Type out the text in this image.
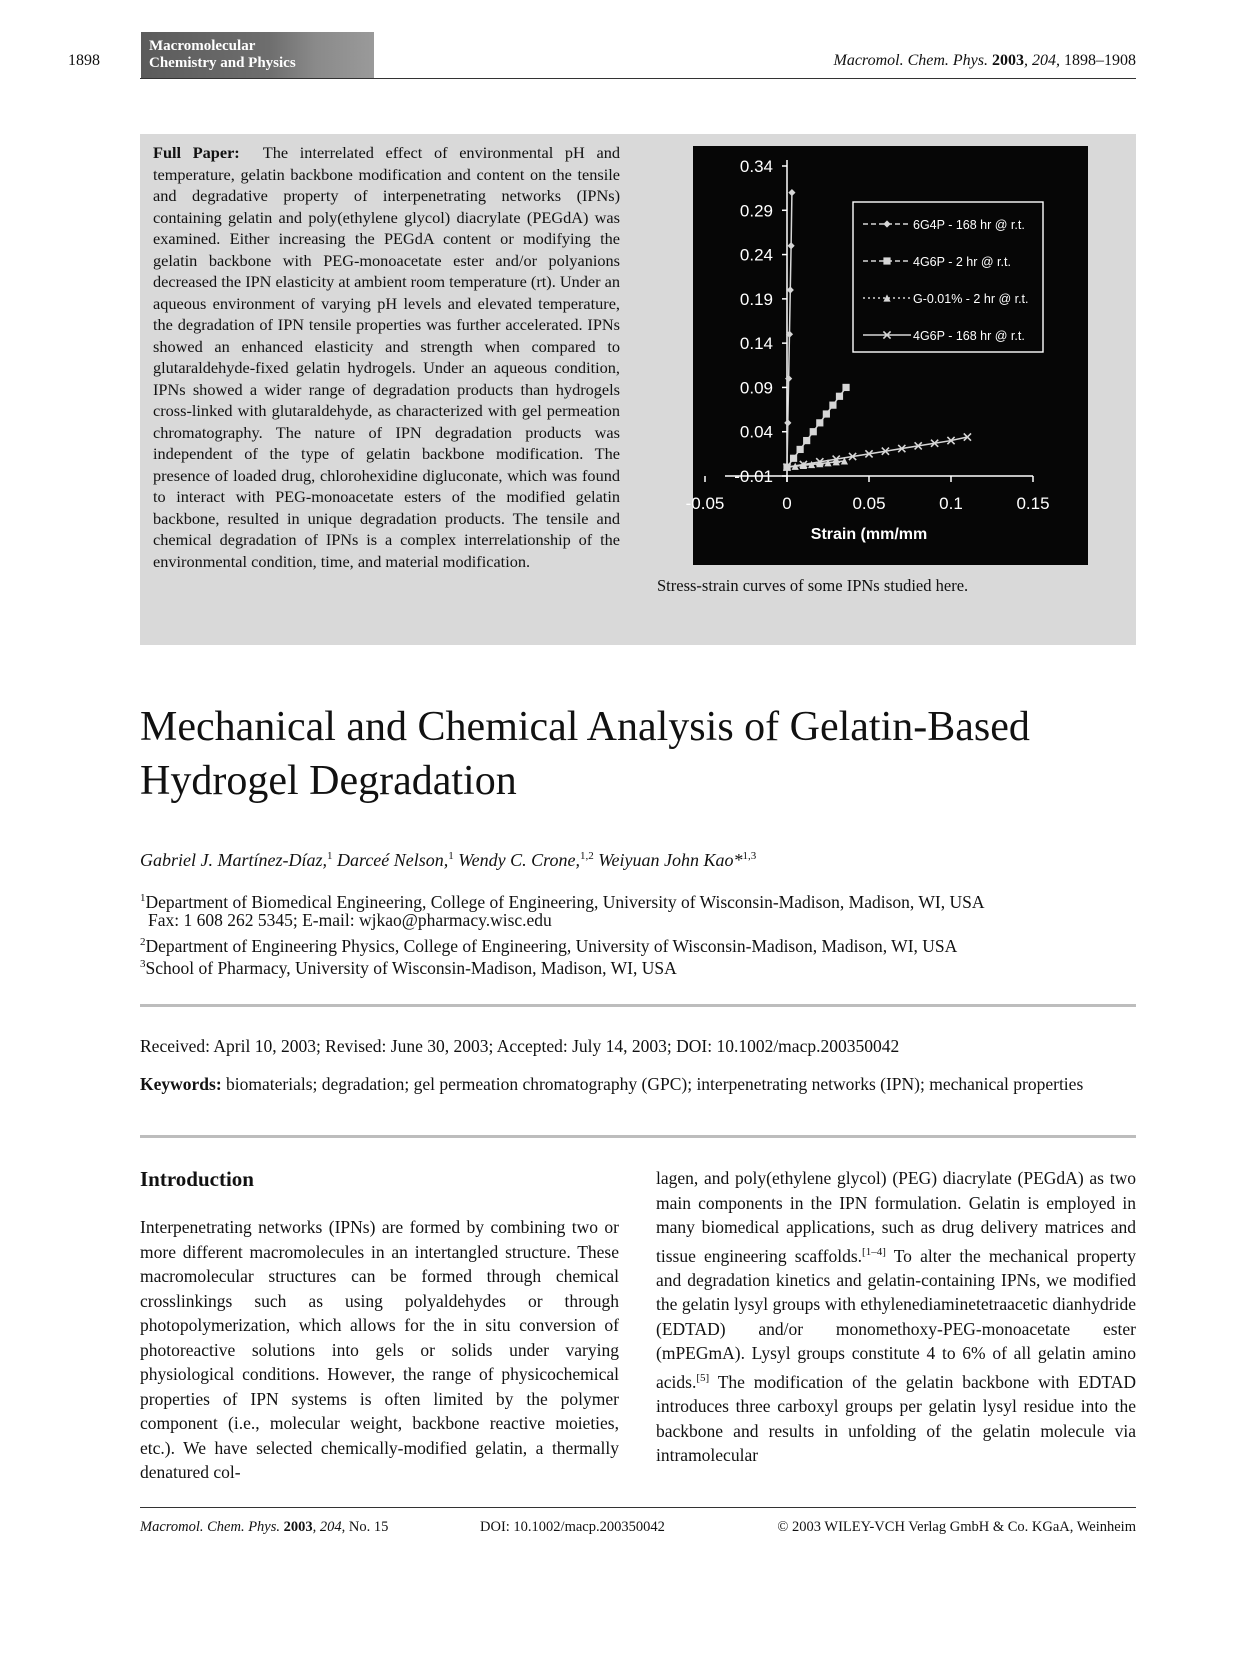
1898
Macromolecular
Chemistry and Physics	Macromol. Chem. Phys. 2003, 204, 1898–1908
Full Paper: The interrelated effect of environmental pH and temperature, gelatin backbone modification and content on the tensile and degradative property of interpenetrating networks (IPNs) containing gelatin and poly(ethylene glycol) diacrylate (PEGdA) was examined. Either increasing the PEGdA content or modifying the gelatin backbone with PEG-monoacetate ester and/or polyanions decreased the IPN elasticity at ambient room temperature (rt). Under an aqueous environment of varying pH levels and elevated temperature, the degradation of IPN tensile properties was further accelerated. IPNs showed an enhanced elasticity and strength when compared to glutaraldehyde-fixed gelatin hydrogels. Under an aqueous condition, IPNs showed a wider range of degradation products than hydrogels cross-linked with glutaraldehyde, as characterized with gel permeation chromatography. The nature of IPN degradation products was independent of the type of gelatin backbone modification. The presence of loaded drug, chlorohexidine digluconate, which was found to interact with PEG-monoacetate esters of the modified gelatin backbone, resulted in unique degradation products. The tensile and chemical degradation of IPNs is a complex interrelationship of the environmental condition, time, and material modification.
-0.01
0.04
0.09
0.14
0.19
0.24
0.29
0.34
-0.05	0	0.05	0.1	0.15
Strain (mm/mm
6G4P - 168 hr @ r.t.
4G6P - 2 hr @ r.t.
G-0.01% - 2 hr @ r.t.
4G6P - 168 hr @ r.t.
Stress-strain curves of some IPNs studied here.
Mechanical and Chemical Analysis of Gelatin-Based Hydrogel Degradation
Gabriel J. Martínez-Díaz,$^1$ Darceé Nelson,$^1$ Wendy C. Crone,$^{1,2}$ Weiyuan John Kao*$^{1,3}$
$^1$Department of Biomedical Engineering, College of Engineering, University of Wisconsin-Madison, Madison, WI, USA
Fax: 1 608 262 5345; E-mail: wjkao@pharmacy.wisc.edu
$^2$Department of Engineering Physics, College of Engineering, University of Wisconsin-Madison, Madison, WI, USA
$^3$School of Pharmacy, University of Wisconsin-Madison, Madison, WI, USA
Received: April 10, 2003; Revised: June 30, 2003; Accepted: July 14, 2003; DOI: 10.1002/macp.200350042
Keywords: biomaterials; degradation; gel permeation chromatography (GPC); interpenetrating networks (IPN); mechanical properties
Introduction
Interpenetrating networks (IPNs) are formed by combining two or more different macromolecules in an intertangled structure. These macromolecular structures can be formed through chemical crosslinkings such as using polyaldehydes or through photopolymerization, which allows for the in situ conversion of photoreactive solutions into gels or solids under varying physiological conditions. However, the range of physicochemical properties of IPN systems is often limited by the polymer component (i.e., molecular weight, backbone reactive moieties, etc.). We have selected chemically-modified gelatin, a thermally denatured col-
lagen, and poly(ethylene glycol) (PEG) diacrylate (PEGdA) as two main components in the IPN formulation. Gelatin is employed in many biomedical applications, such as drug delivery matrices and tissue engineering scaffolds.[1–4] To alter the mechanical property and degradation kinetics and gelatin-containing IPNs, we modified the gelatin lysyl groups with ethylenediaminetetraacetic dianhydride (EDTAD) and/or monomethoxy-PEG-monoacetate ester (mPEGmA). Lysyl groups constitute 4 to 6% of all gelatin amino acids.[5] The modification of the gelatin backbone with EDTAD introduces three carboxyl groups per gelatin lysyl residue into the backbone and results in unfolding of the gelatin molecule via intramolecular
Macromol. Chem. Phys. 2003, 204, No. 15	DOI: 10.1002/macp.200350042	© 2003 WILEY-VCH Verlag GmbH & Co. KGaA, Weinheim
